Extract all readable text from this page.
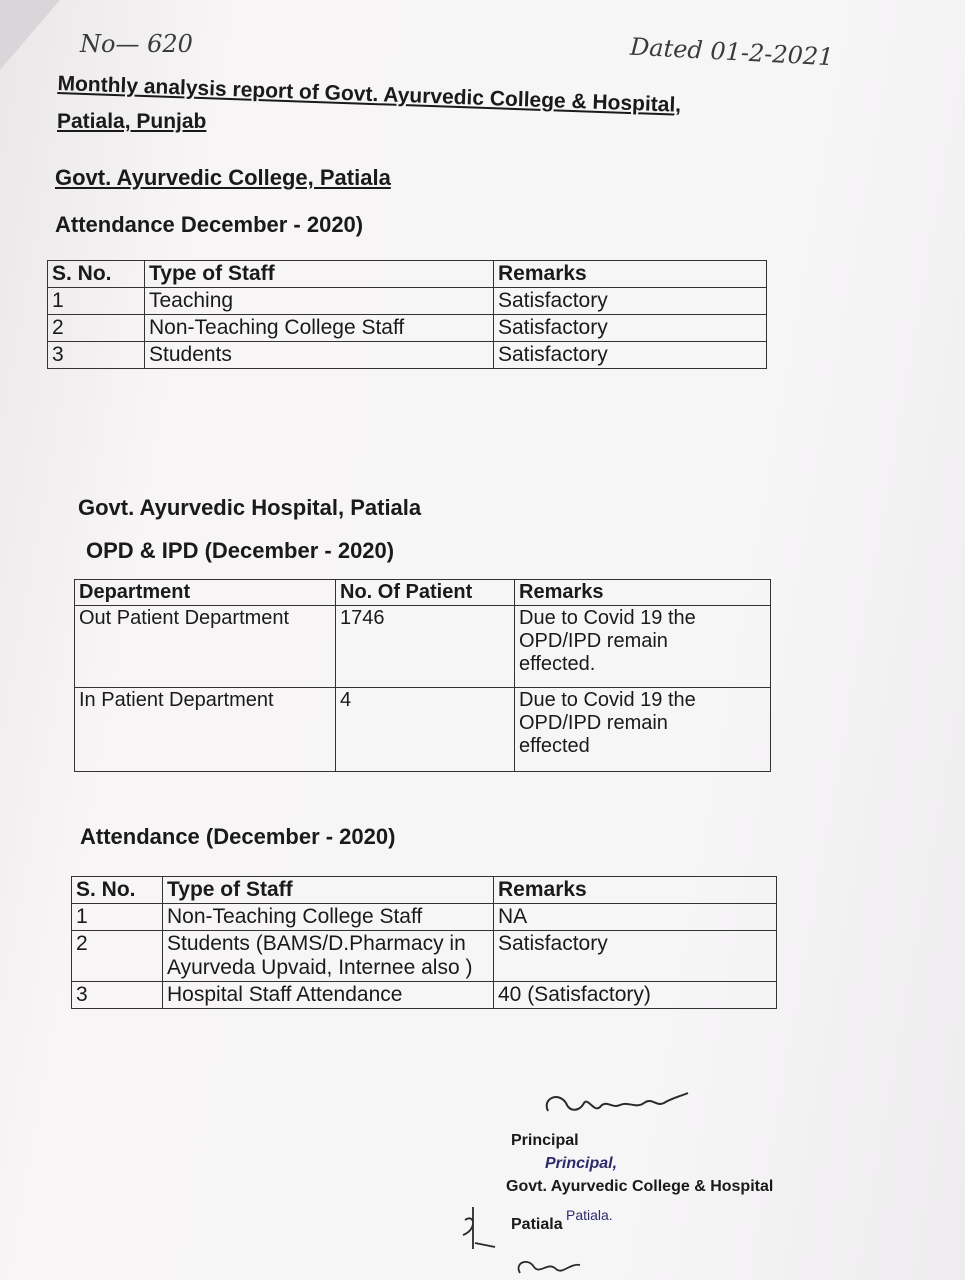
No— 620	Dated 01-2-2021
Monthly analysis report of Govt. Ayurvedic College & Hospital,
Patiala, Punjab
Govt. Ayurvedic College, Patiala
Attendance December - 2020)
S. No.	Type of Staff	Remarks
1	Teaching	Satisfactory
2	Non-Teaching College Staff	Satisfactory
3	Students	Satisfactory
Govt. Ayurvedic Hospital, Patiala
OPD & IPD (December - 2020)
Department	No. Of Patient	Remarks
Out Patient Department	1746	Due to Covid 19 the
OPD/IPD remain
effected.

In Patient Department	4	Due to Covid 19 the
OPD/IPD remain
effected
Attendance (December - 2020)
S. No.	Type of Staff	Remarks
1	Non-Teaching College Staff	NA
2	Students (BAMS/D.Pharmacy in
Ayurveda Upvaid, Internee also )	Satisfactory
3	Hospital Staff Attendance	40 (Satisfactory)
Principal
Principal,
Govt. Ayurvedic College & Hospital
Patiala.
Patiala
